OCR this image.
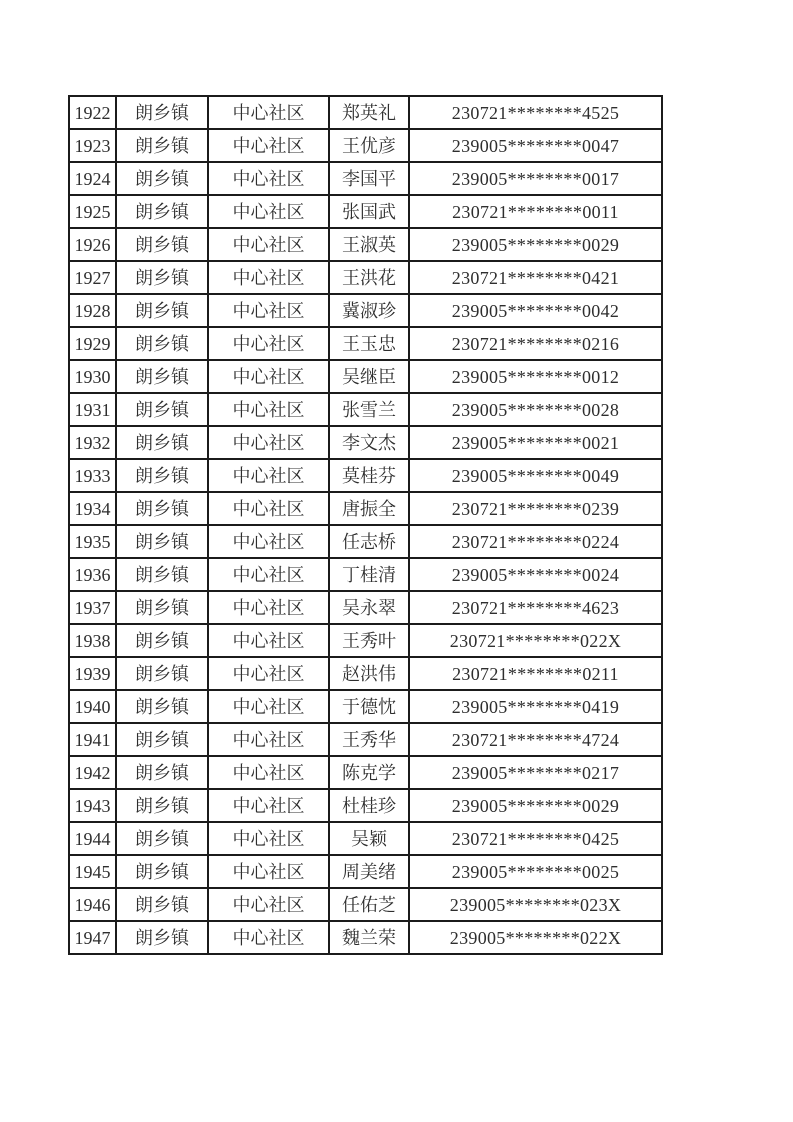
1922	朗乡镇	中心社区	郑英礼	230721********4525
1923	朗乡镇	中心社区	王优彦	239005********0047
1924	朗乡镇	中心社区	李国平	239005********0017
1925	朗乡镇	中心社区	张国武	230721********0011
1926	朗乡镇	中心社区	王淑英	239005********0029
1927	朗乡镇	中心社区	王洪花	230721********0421
1928	朗乡镇	中心社区	冀淑珍	239005********0042
1929	朗乡镇	中心社区	王玉忠	230721********0216
1930	朗乡镇	中心社区	吴继臣	239005********0012
1931	朗乡镇	中心社区	张雪兰	239005********0028
1932	朗乡镇	中心社区	李文杰	239005********0021
1933	朗乡镇	中心社区	莫桂芬	239005********0049
1934	朗乡镇	中心社区	唐振全	230721********0239
1935	朗乡镇	中心社区	任志桥	230721********0224
1936	朗乡镇	中心社区	丁桂清	239005********0024
1937	朗乡镇	中心社区	吴永翠	230721********4623
1938	朗乡镇	中心社区	王秀叶	230721********022X
1939	朗乡镇	中心社区	赵洪伟	230721********0211
1940	朗乡镇	中心社区	于德忱	239005********0419
1941	朗乡镇	中心社区	王秀华	230721********4724
1942	朗乡镇	中心社区	陈克学	239005********0217
1943	朗乡镇	中心社区	杜桂珍	239005********0029
1944	朗乡镇	中心社区	吴颖	230721********0425
1945	朗乡镇	中心社区	周美绪	239005********0025
1946	朗乡镇	中心社区	任佑芝	239005********023X
1947	朗乡镇	中心社区	魏兰荣	239005********022X
